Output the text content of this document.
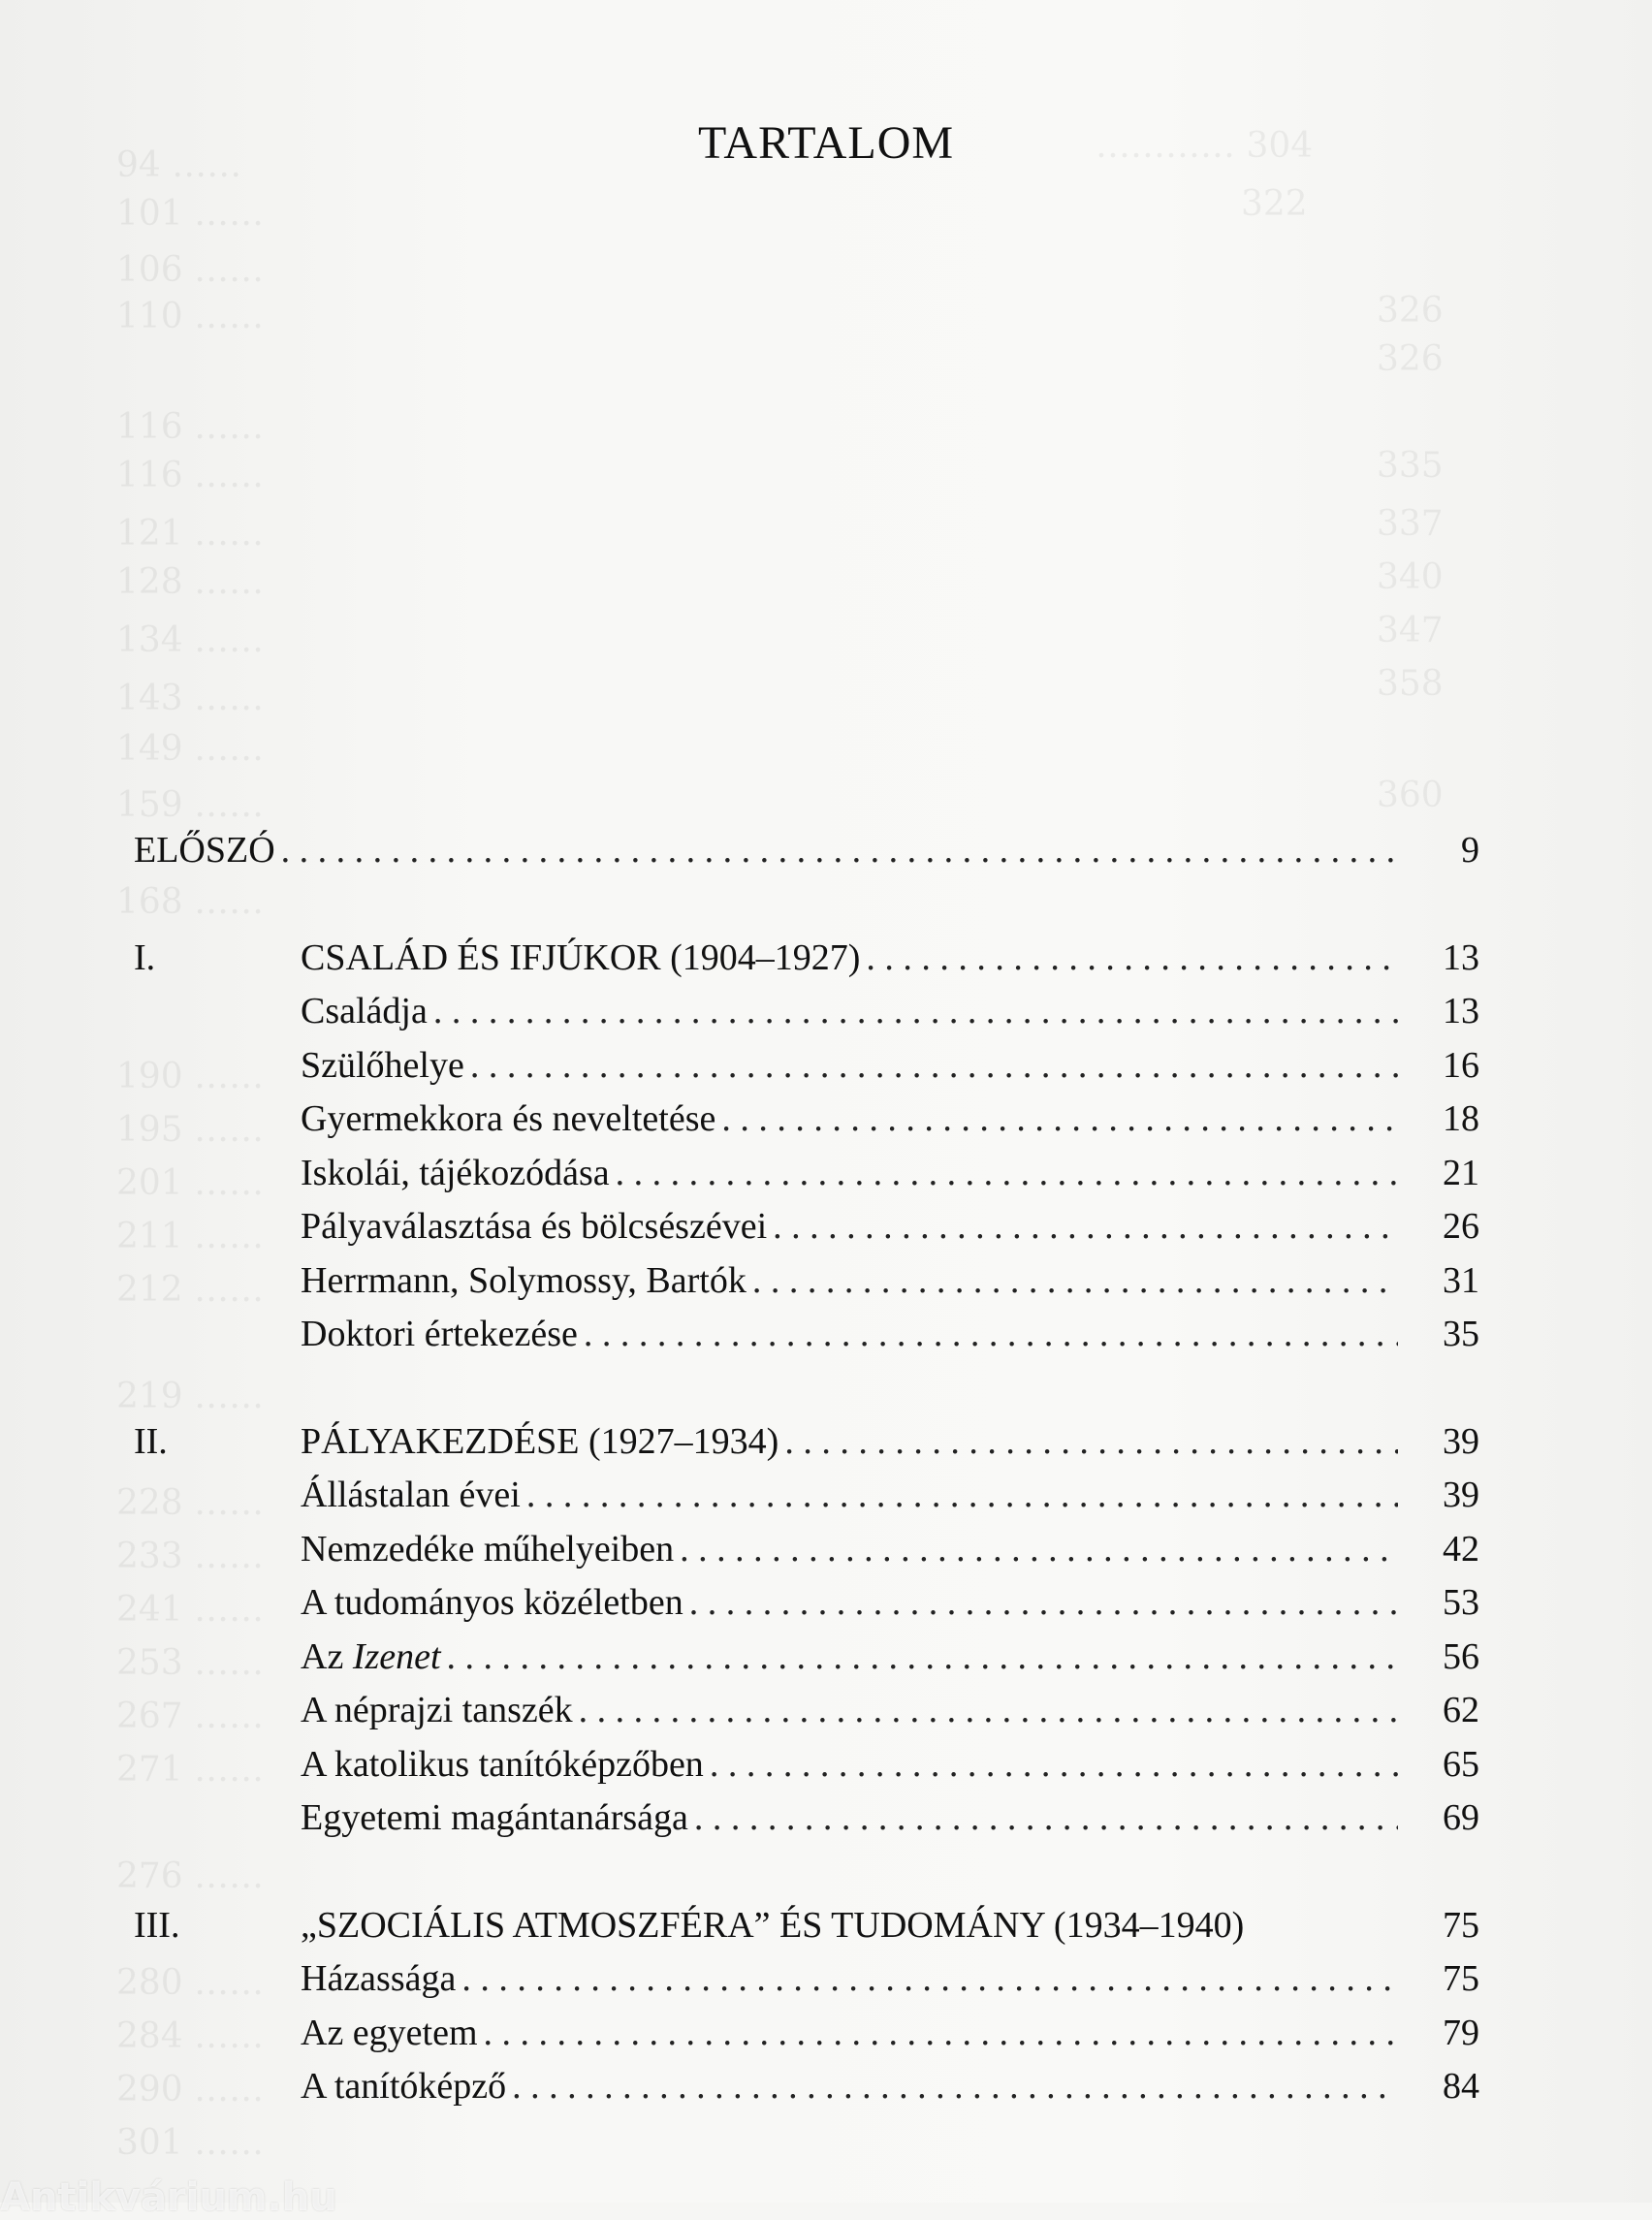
………… 304
322
94 ……
101 ……
106 ……
110 ……
116 ……
116 ……
121 ……
128 ……
134 ……
143 ……
149 ……
159 ……
326
326
335
337
340
347
358
360
168 ……
190 ……
195 ……
201 ……
211 ……
212 ……
219 ……
228 ……
233 ……
241 ……
253 ……
267 ……
271 ……
276 ……
280 ……
284 ……
290 ……
301 ……
TARTALOM
ELŐSZÓ . . .	9
I.	CSALÁD ÉS IFJÚKOR (1904–1927) . . .	13
Családja . . .	13
Szülőhelye . . .	16
Gyermekkora és neveltetése . . .	18
Iskolái, tájékozódása . . .	21
Pályaválasztása és bölcsészévei . . .	26
Herrmann, Solymossy, Bartók . . .	31
Doktori értekezése . . .	35
II.	PÁLYAKEZDÉSE (1927–1934) . . .	39
Állástalan évei . . .	39
Nemzedéke műhelyeiben . . .	42
A tudományos közéletben . . .	53
Az Izenet . . .	56
A néprajzi tanszék . . .	62
A katolikus tanítóképzőben . . .	65
Egyetemi magántanársága . . .	69
III.	„SZOCIÁLIS ATMOSZFÉRA” ÉS TUDOMÁNY (1934–1940)	75
Házassága . . .	75
Az egyetem . . .	79
A tanítóképző . . .	84
Antikvárium.hu
